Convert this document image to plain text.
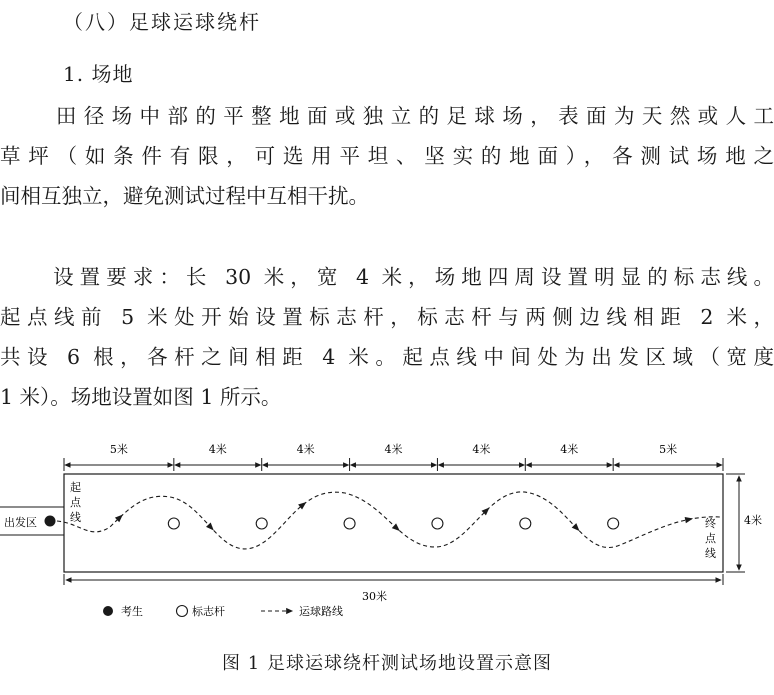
（八）足球运球绕杆
1. 场地
　　田径场中部的平整地面或独立的足球场，表面为天然或人工
草坪（如条件有限，可选用平坦、坚实的地面），各测试场地之
间相互独立，避免测试过程中互相干扰。
　　设置要求：长 30 米，宽 4 米，场地四周设置明显的标志线。
起点线前 5 米处开始设置标志杆，标志杆与两侧边线相距 2 米，
共设 6 根，各杆之间相距 4 米。起点线中间处为出发区域（宽度
1 米）。场地设置如图 1 所示。
5米	4米	4米	4米	4米	4米	5米
出发区
起
点
线	终
点
线
4米
30米
考生	标志杆	运球路线
图 1 足球运球绕杆测试场地设置示意图
